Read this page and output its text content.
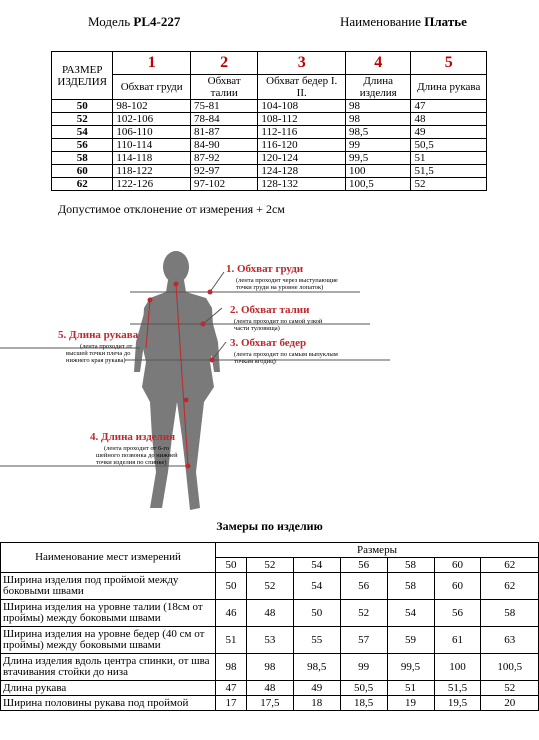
Модель PL4-227	Наименование Платье
РАЗМЕР ИЗДЕЛИЯ	1	2	3	4	5
	Обхват груди	Обхват талии	Обхват бедер I. II.	Длина изделия	Длина рукава
50	98-102	75-81	104-108	98	47
52	102-106	78-84	108-112	98	48
54	106-110	81-87	112-116	98,5	49
56	110-114	84-90	116-120	99	50,5
58	114-118	87-92	120-124	99,5	51
60	118-122	92-97	124-128	100	51,5
62	122-126	97-102	128-132	100,5	52
Допустимое отклонение от измерения + 2см
1. Обхват груди
(лента проходит через выступающие
точки груди на уровне лопаток)
2. Обхват талии
(лента проходит по самой узкой
части туловища)
3. Обхват бедер
(лента проходит по самым выпуклым
точкам ягодиц)
5. Длина рукава
(лента проходит от
высшей точки плеча до
нижнего края рукава)
4. Длина изделия
(лента проходит от 6-го
шейного позвонка до нижней
точки изделия по спинке)
Замеры по изделию
Наименование мест измерений	Размеры						
	50	52	54	56	58	60	62
Ширина изделия под проймой между боковыми швами	50	52	54	56	58	60	62
Ширина изделия на уровне талии (18см от проймы) между боковыми швами	46	48	50	52	54	56	58
Ширина изделия на уровне бедер (40 см от проймы) между боковыми швами	51	53	55	57	59	61	63
Длина изделия вдоль центра спинки, от шва втачивания стойки до низа	98	98	98,5	99	99,5	100	100,5
Длина рукава	47	48	49	50,5	51	51,5	52
Ширина половины рукава под проймой	17	17,5	18	18,5	19	19,5	20
